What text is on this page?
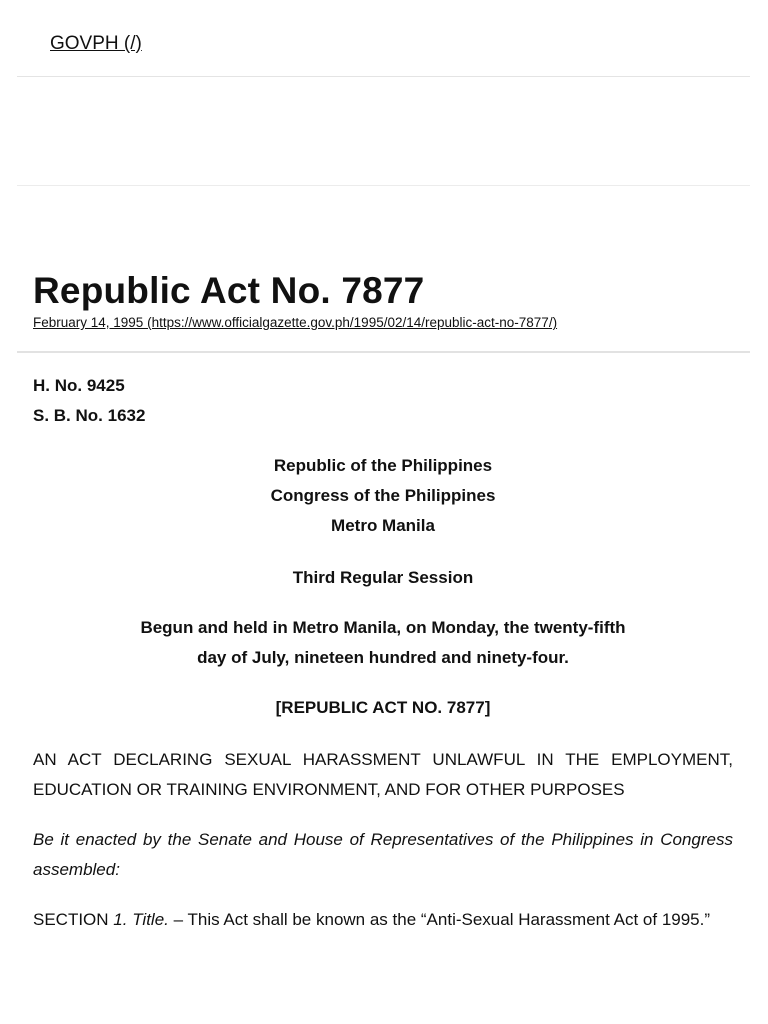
GOVPH (/)
Republic Act No. 7877
February 14, 1995 (https://www.officialgazette.gov.ph/1995/02/14/republic-act-no-7877/)

H. No. 9425

S. B. No. 1632

Republic of the Philippines

Congress of the Philippines

Metro Manila

Third Regular Session

Begun and held in Metro Manila, on Monday, the twenty-fifth

day of July, nineteen hundred and ninety-four.

[REPUBLIC ACT NO. 7877]

AN ACT DECLARING SEXUAL HARASSMENT UNLAWFUL IN THE EMPLOYMENT, EDUCATION OR TRAINING ENVIRONMENT, AND FOR OTHER PURPOSES

Be it enacted by the Senate and House of Representatives of the Philippines in Congress assembled:

SECTION 1. Title. – This Act shall be known as the “Anti-Sexual Harassment Act of 1995.”
